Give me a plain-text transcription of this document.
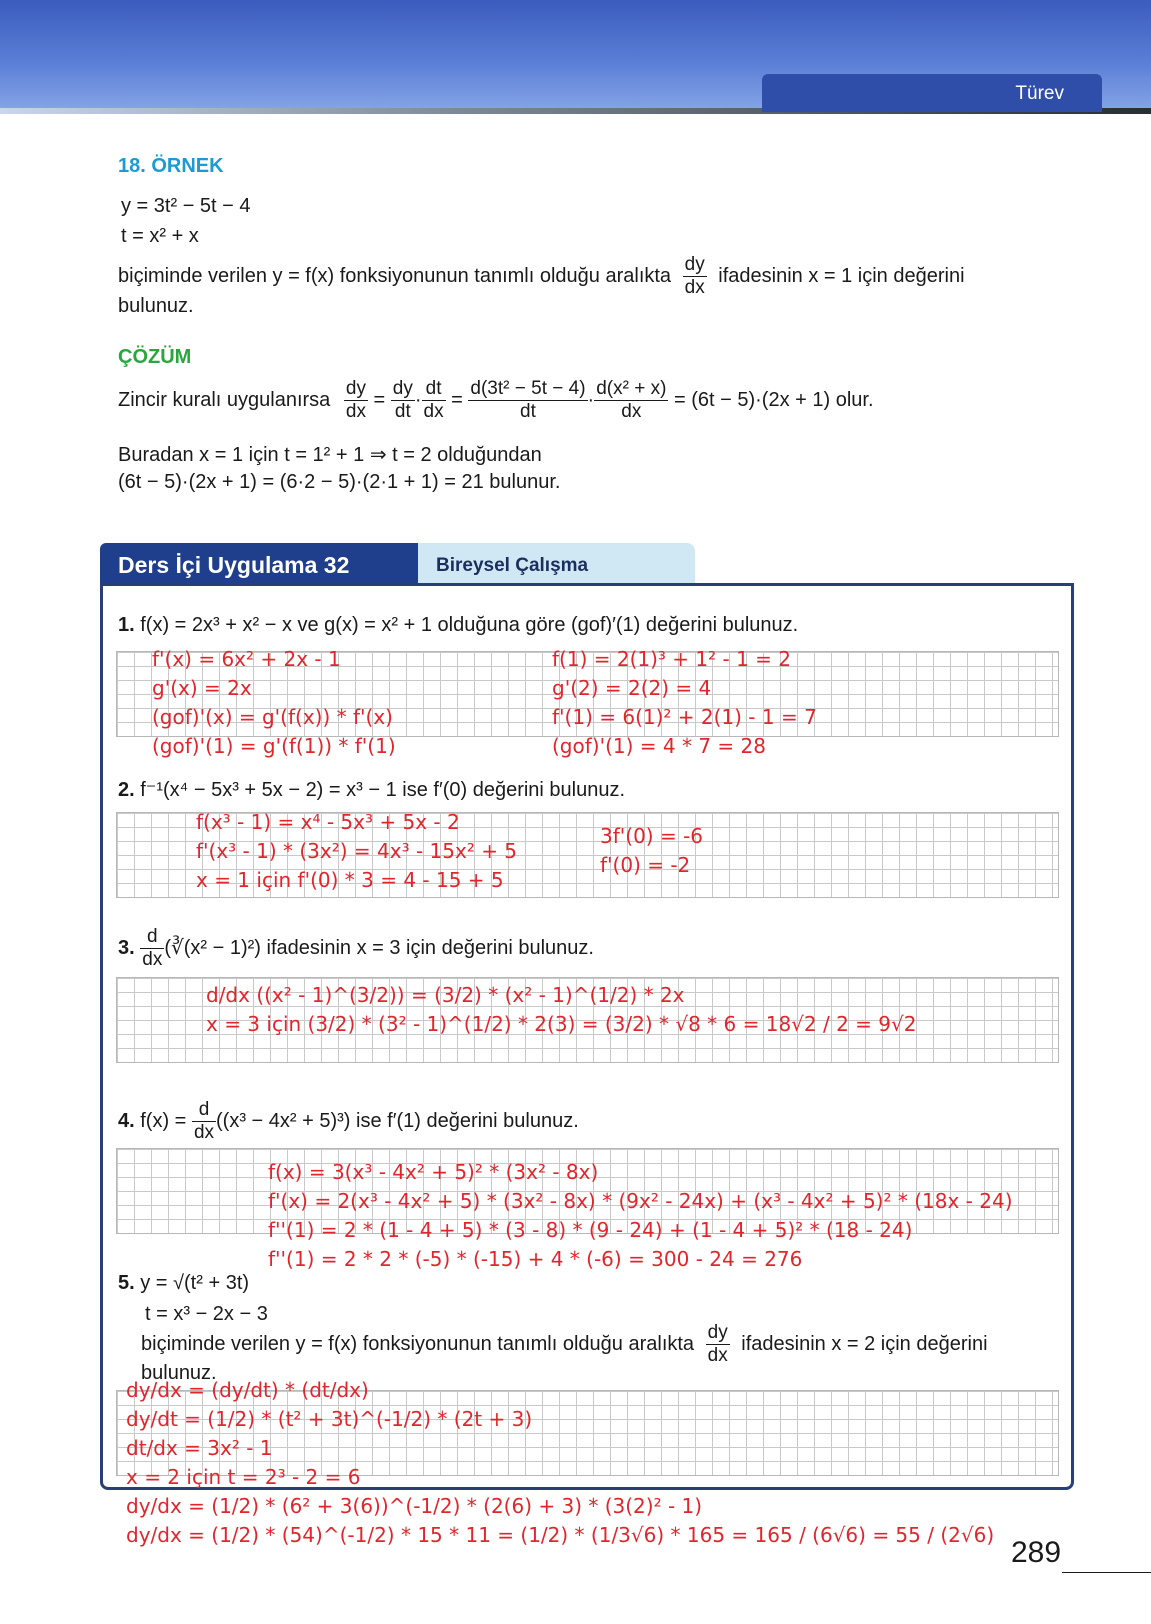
Türev
18. ÖRNEK
y = 3t² − 5t − 4
t = x² + x
biçiminde verilen y = f(x) fonksiyonunun tanımlı olduğu aralıkta $\frac{dy}{dx}$ ifadesinin x = 1 için değerini
bulunuz.
ÇÖZÜM
Zincir kuralı uygulanırsa $\frac{dy}{dx} = \frac{dy}{dt} \cdot \frac{dt}{dx} = \frac{\text{d(3t² − 5t − 4)}}{dt} \cdot \frac{\text{d(x² + x)}}{dx} = (6t - 5)\cdot(2x + 1)$ olur.
Buradan x = 1 için t = 1² + 1 ⇒ t = 2 olduğundan
(6t − 5)·(2x + 1) = (6·2 − 5)·(2·1 + 1) = 21 bulunur.
Ders İçi Uygulama 32	Bireysel Çalışma
1. f(x) = 2x³ + x² − x ve g(x) = x² + 1 olduğuna göre (gof)′(1) değerini bulunuz.
f'(x) = 6x² + 2x - 1
g'(x) = 2x
(gof)'(x) = g'(f(x)) * f'(x)
(gof)'(1) = g'(f(1)) * f'(1)
f(1) = 2(1)³ + 1² - 1 = 2
g'(2) = 2(2) = 4
f'(1) = 6(1)² + 2(1) - 1 = 7
(gof)'(1) = 4 * 7 = 28
2. f⁻¹(x⁴ − 5x³ + 5x − 2) = x³ − 1 ise f′(0) değerini bulunuz.
f(x³ - 1) = x⁴ - 5x³ + 5x - 2
f'(x³ - 1) * (3x²) = 4x³ - 15x² + 5
x = 1 için f'(0) * 3 = 4 - 15 + 5
3f'(0) = -6
f'(0) = -2
3. $\frac{d}{dx}$ (∛(x² − 1)²) ifadesinin x = 3 için değerini bulunuz.
d/dx ((x² - 1)^(3/2)) = (3/2) * (x² - 1)^(1/2) * 2x
x = 3 için (3/2) * (3² - 1)^(1/2) * 2(3) = (3/2) * √8 * 6 = 18√2 / 2 = 9√2
4. $f(x) = \frac{d}{dx} ((x^3 - 4x^2 + 5)^3)$ ise f′(1) değerini bulunuz.
f(x) = 3(x³ - 4x² + 5)² * (3x² - 8x)
f'(x) = 2(x³ - 4x² + 5) * (3x² - 8x) * (9x² - 24x) + (x³ - 4x² + 5)² * (18x - 24)
f''(1) = 2 * (1 - 4 + 5) * (3 - 8) * (9 - 24) + (1 - 4 + 5)² * (18 - 24)
f''(1) = 2 * 2 * (-5) * (-15) + 4 * (-6) = 300 - 24 = 276
5. y = √(t² + 3t)
t = x³ − 2x − 3
biçiminde verilen y = f(x) fonksiyonunun tanımlı olduğu aralıkta $\frac{dy}{dx}$ ifadesinin x = 2 için değerini
bulunuz.
dy/dx = (dy/dt) * (dt/dx)
dy/dt = (1/2) * (t² + 3t)^(-1/2) * (2t + 3)
dt/dx = 3x² - 1
x = 2 için t = 2³ - 2 = 6
dy/dx = (1/2) * (6² + 3(6))^(-1/2) * (2(6) + 3) * (3(2)² - 1)
dy/dx = (1/2) * (54)^(-1/2) * 15 * 11 = (1/2) * (1/3√6) * 165 = 165 / (6√6) = 55 / (2√6)
289
